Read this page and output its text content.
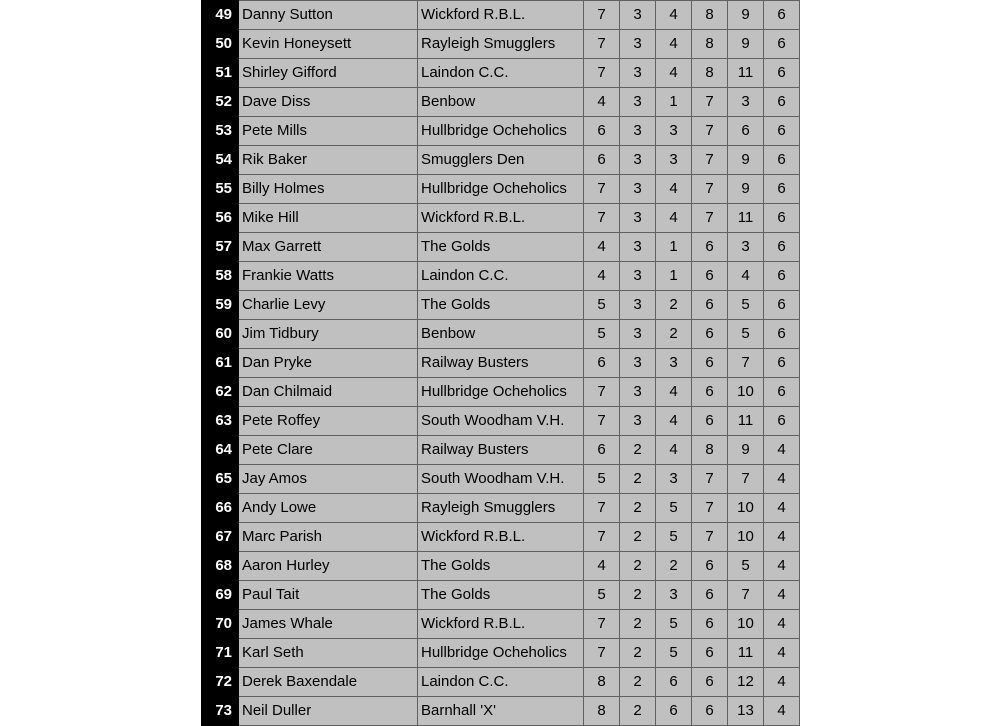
49	Danny Sutton	Wickford R.B.L.	7	3	4	8	9	6
50	Kevin Honeysett	Rayleigh Smugglers	7	3	4	8	9	6
51	Shirley Gifford	Laindon C.C.	7	3	4	8	11	6
52	Dave Diss	Benbow	4	3	1	7	3	6
53	Pete Mills	Hullbridge Ocheholics	6	3	3	7	6	6
54	Rik Baker	Smugglers Den	6	3	3	7	9	6
55	Billy Holmes	Hullbridge Ocheholics	7	3	4	7	9	6
56	Mike Hill	Wickford R.B.L.	7	3	4	7	11	6
57	Max Garrett	The Golds	4	3	1	6	3	6
58	Frankie Watts	Laindon C.C.	4	3	1	6	4	6
59	Charlie Levy	The Golds	5	3	2	6	5	6
60	Jim Tidbury	Benbow	5	3	2	6	5	6
61	Dan Pryke	Railway Busters	6	3	3	6	7	6
62	Dan Chilmaid	Hullbridge Ocheholics	7	3	4	6	10	6
63	Pete Roffey	South Woodham V.H.	7	3	4	6	11	6
64	Pete Clare	Railway Busters	6	2	4	8	9	4
65	Jay Amos	South Woodham V.H.	5	2	3	7	7	4
66	Andy Lowe	Rayleigh Smugglers	7	2	5	7	10	4
67	Marc Parish	Wickford R.B.L.	7	2	5	7	10	4
68	Aaron Hurley	The Golds	4	2	2	6	5	4
69	Paul Tait	The Golds	5	2	3	6	7	4
70	James Whale	Wickford R.B.L.	7	2	5	6	10	4
71	Karl Seth	Hullbridge Ocheholics	7	2	5	6	11	4
72	Derek Baxendale	Laindon C.C.	8	2	6	6	12	4
73	Neil Duller	Barnhall 'X'	8	2	6	6	13	4
